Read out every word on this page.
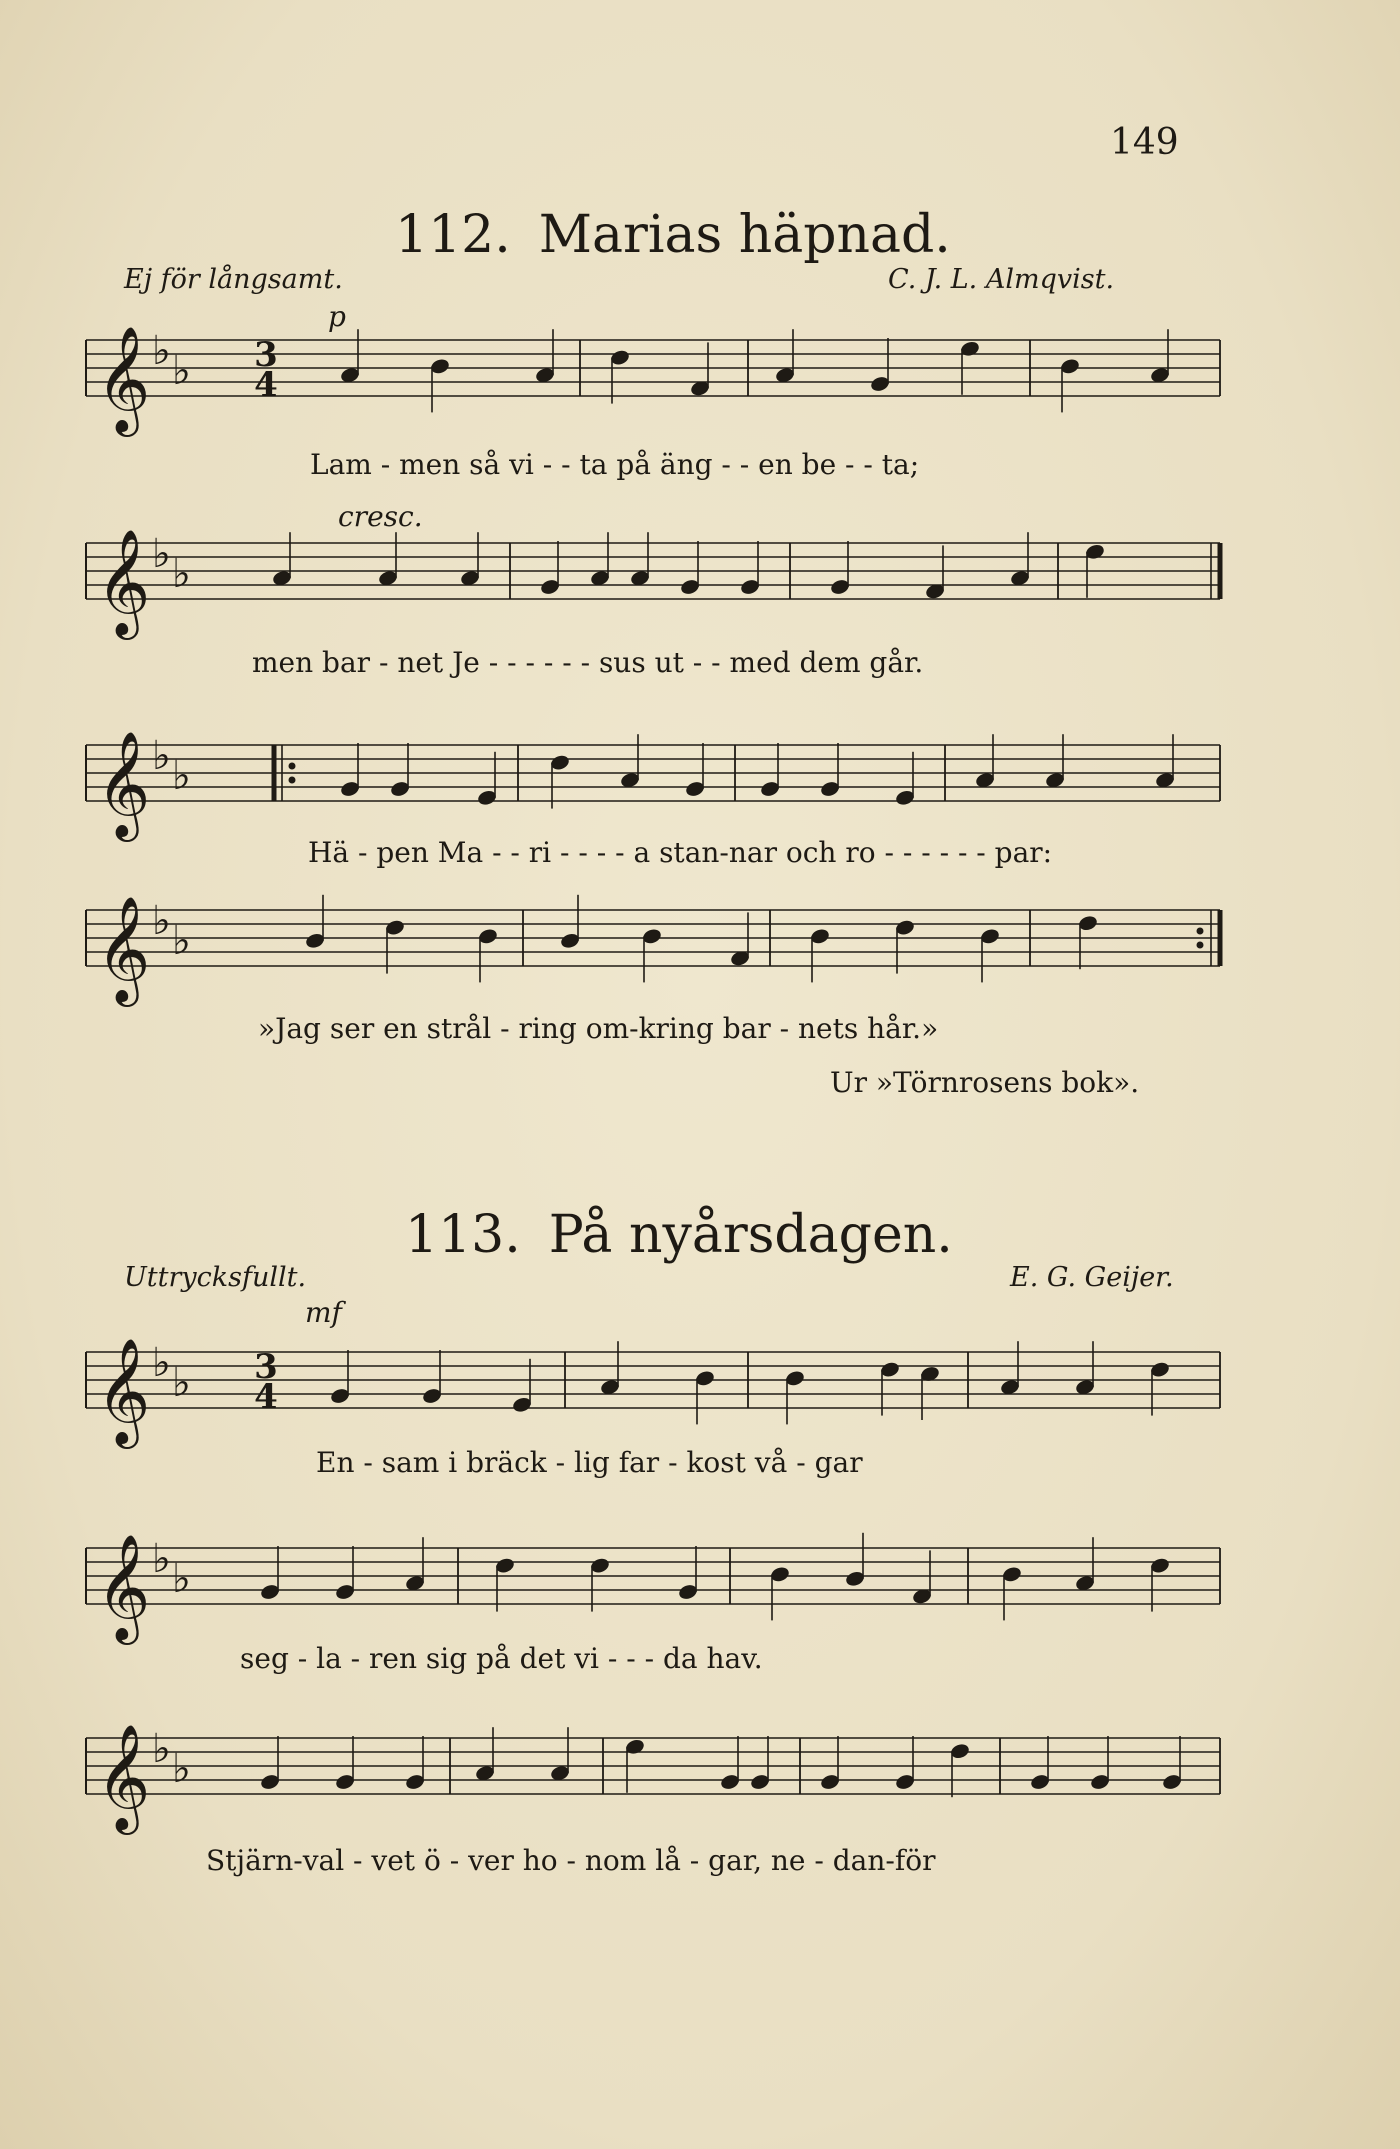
149
112. Marias häpnad.
Ej för långsamt.	C. J. L. Almqvist.
p
cresc.
𝄞 ♭ ♭ 3
4
𝄞 ♭ ♭
𝄞 ♭ ♭
𝄞 ♭ ♭
Lam - men så vi - - ta på äng - - en be - - ta;
men bar - net Je - - - - - - sus ut - - med dem går.
Hä - pen Ma - - ri - - - - a stan-nar och ro - - - - - - par:
»Jag ser en strål - ring om-kring bar - nets hår.»
Ur »Törnrosens bok».
113. På nyårsdagen.
Uttrycksfullt.	E. G. Geijer.
mf
𝄞 ♭ ♭ 3
4
𝄞 ♭ ♭
𝄞 ♭ ♭
En - sam i bräck - lig far - kost vå - gar
seg - la - ren sig på det vi - - - da hav.
Stjärn-val - vet ö - ver ho - nom lå - gar, ne - dan-för
